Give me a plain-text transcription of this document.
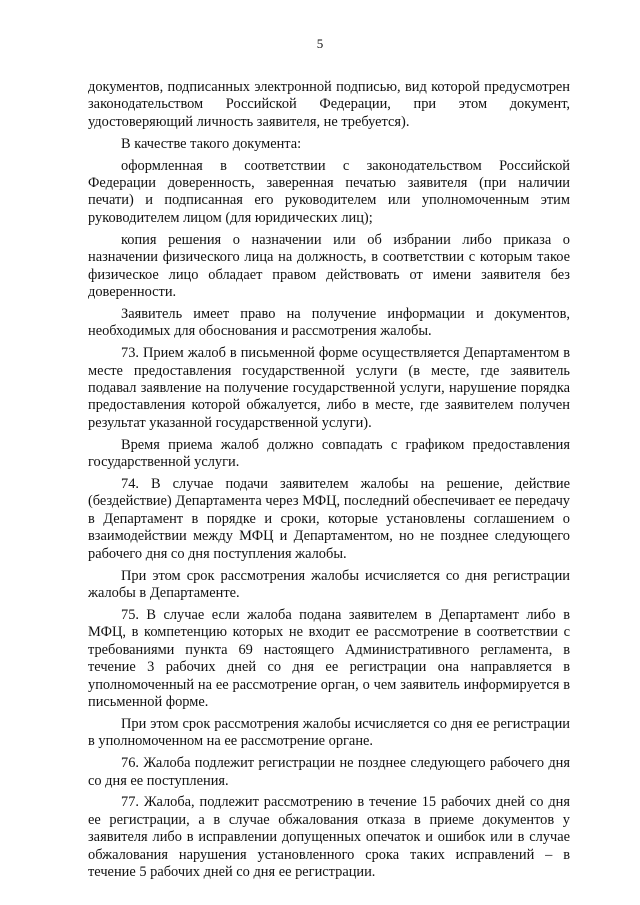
5

документов, подписанных электронной подписью, вид которой предусмотрен законодательством Российской Федерации, при этом документ, удостоверяющий личность заявителя, не требуется).

В качестве такого документа:

оформленная в соответствии с законодательством Российской Федерации доверенность, заверенная печатью заявителя (при наличии печати) и подписанная его руководителем или уполномоченным этим руководителем лицом (для юридических лиц);

копия решения о назначении или об избрании либо приказа о назначении физического лица на должность, в соответствии с которым такое физическое лицо обладает правом действовать от имени заявителя без доверенности.

Заявитель имеет право на получение информации и документов, необходимых для обоснования и рассмотрения жалобы.

73. Прием жалоб в письменной форме осуществляется Департаментом в месте предоставления государственной услуги (в месте, где заявитель подавал заявление на получение государственной услуги, нарушение порядка предоставления которой обжалуется, либо в месте, где заявителем получен результат указанной государственной услуги).

Время приема жалоб должно совпадать с графиком предоставления государственной услуги.

74. В случае подачи заявителем жалобы на решение, действие (бездействие) Департамента через МФЦ, последний обеспечивает ее передачу в Департамент в порядке и сроки, которые установлены соглашением о взаимодействии между МФЦ и Департаментом, но не позднее следующего рабочего дня со дня поступления жалобы.

При этом срок рассмотрения жалобы исчисляется со дня регистрации жалобы в Департаменте.

75. В случае если жалоба подана заявителем в Департамент либо в МФЦ, в компетенцию которых не входит ее рассмотрение в соответствии с требованиями пункта 69 настоящего Административного регламента, в течение 3 рабочих дней со дня ее регистрации она направляется в уполномоченный на ее рассмотрение орган, о чем заявитель информируется в письменной форме.

При этом срок рассмотрения жалобы исчисляется со дня ее регистрации в уполномоченном на ее рассмотрение органе.

76. Жалоба подлежит регистрации не позднее следующего рабочего дня со дня ее поступления.

77. Жалоба, подлежит рассмотрению в течение 15 рабочих дней со дня ее регистрации, а в случае обжалования отказа в приеме документов у заявителя либо в исправлении допущенных опечаток и ошибок или в случае обжалования нарушения установленного срока таких исправлений – в течение 5 рабочих дней со дня ее регистрации.
